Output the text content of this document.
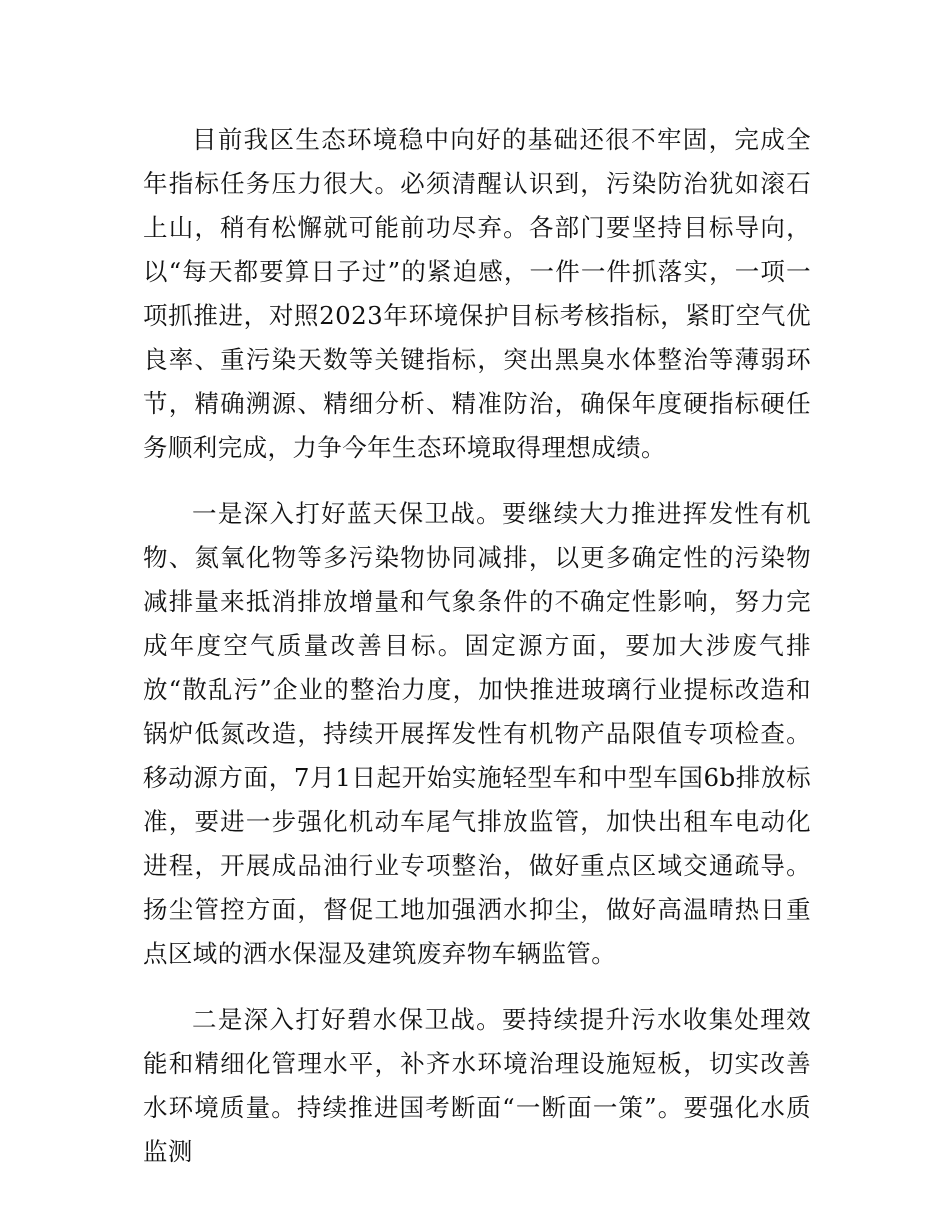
目前我区生态环境稳中向好的基础还很不牢固，完成全年指标任务压力很大。必须清醒认识到，污染防治犹如滚石上山，稍有松懈就可能前功尽弃。各部门要坚持目标导向，以“每天都要算日子过”的紧迫感，一件一件抓落实，一项一项抓推进，对照2023年环境保护目标考核指标，紧盯空气优良率、重污染天数等关键指标，突出黑臭水体整治等薄弱环节，精确溯源、精细分析、精准防治，确保年度硬指标硬任务顺利完成，力争今年生态环境取得理想成绩。

一是深入打好蓝天保卫战。要继续大力推进挥发性有机物、氮氧化物等多污染物协同减排，以更多确定性的污染物减排量来抵消排放增量和气象条件的不确定性影响，努力完成年度空气质量改善目标。固定源方面，要加大涉废气排放“散乱污”企业的整治力度，加快推进玻璃行业提标改造和锅炉低氮改造，持续开展挥发性有机物产品限值专项检查。移动源方面，7月1日起开始实施轻型车和中型车国6b排放标准，要进一步强化机动车尾气排放监管，加快出租车电动化进程，开展成品油行业专项整治，做好重点区域交通疏导。扬尘管控方面，督促工地加强洒水抑尘，做好高温晴热日重点区域的洒水保湿及建筑废弃物车辆监管。

二是深入打好碧水保卫战。要持续提升污水收集处理效能和精细化管理水平，补齐水环境治理设施短板，切实改善水环境质量。持续推进国考断面“一断面一策”。要强化水质监测
